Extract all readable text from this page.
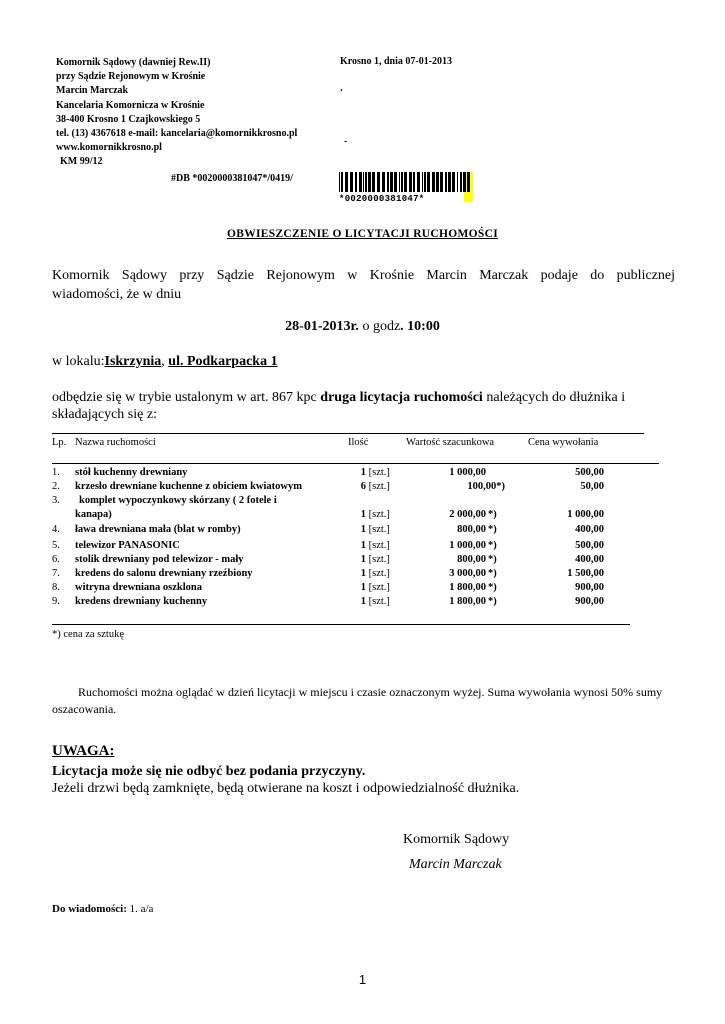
Komornik Sądowy (dawniej Rew.II)
przy Sądzie Rejonowym w Krośnie
Marcin Marczak
Kancelaria Komornicza w Krośnie
38-400 Krosno 1 Czajkowskiego 5
tel. (13) 4367618 e-mail: kancelaria@komornikkrosno.pl
www.komornikkrosno.pl
KM 99/12
Krosno 1, dnia 07-01-2013
.
-
#DB *0020000381047*/0419/
*0020000381047*
OBWIESZCZENIE O LICYTACJI RUCHOMOŚCI
Komornik Sądowy przy Sądzie Rejonowym w Krośnie Marcin Marczak podaje do publicznej
wiadomości, że w dniu
28-01-2013r. o godz. 10:00
w lokalu:Iskrzynia, ul. Podkarpacka 1
odbędzie się w trybie ustalonym w art. 867 kpc druga licytacja ruchomości należących do dłużnika i składających się z:
Lp. Nazwa ruchomości	Ilość	Wartość szacunkowa	Cena wywołania
1. stół kuchenny drewniany	1 [szt.]	1 000,00	500,00
2. krzesło drewniane kuchenne z obiciem kwiatowym	6 [szt.]	100,00*)	50,00
3. komplet wypoczynkowy skórzany ( 2 fotele i
kanapa)	1 [szt.]	2 000,00 *)	1 000,00
4. ława drewniana mała (blat w romby)	1 [szt.]	800,00 *)	400,00
5. telewizor PANASONIC	1 [szt.]	1 000,00 *)	500,00
6. stolik drewniany pod telewizor - mały	1 [szt.]	800,00 *)	400,00
7. kredens do salonu drewniany rzeźbiony	1 [szt.]	3 000,00 *)	1 500,00
8. witryna drewniana oszklona	1 [szt.]	1 800,00 *)	900,00
9. kredens drewniany kuchenny	1 [szt.]	1 800,00 *)	900,00
*) cena za sztukę
Ruchomości można oglądać w dzień licytacji w miejscu i czasie oznaczonym wyżej. Suma wywołania wynosi 50% sumy oszacowania.
UWAGA:
Licytacja może się nie odbyć bez podania przyczyny.
Jeżeli drzwi będą zamknięte, będą otwierane na koszt i odpowiedzialność dłużnika.
Komornik Sądowy
Marcin Marczak
Do wiadomości: 1. a/a
1
